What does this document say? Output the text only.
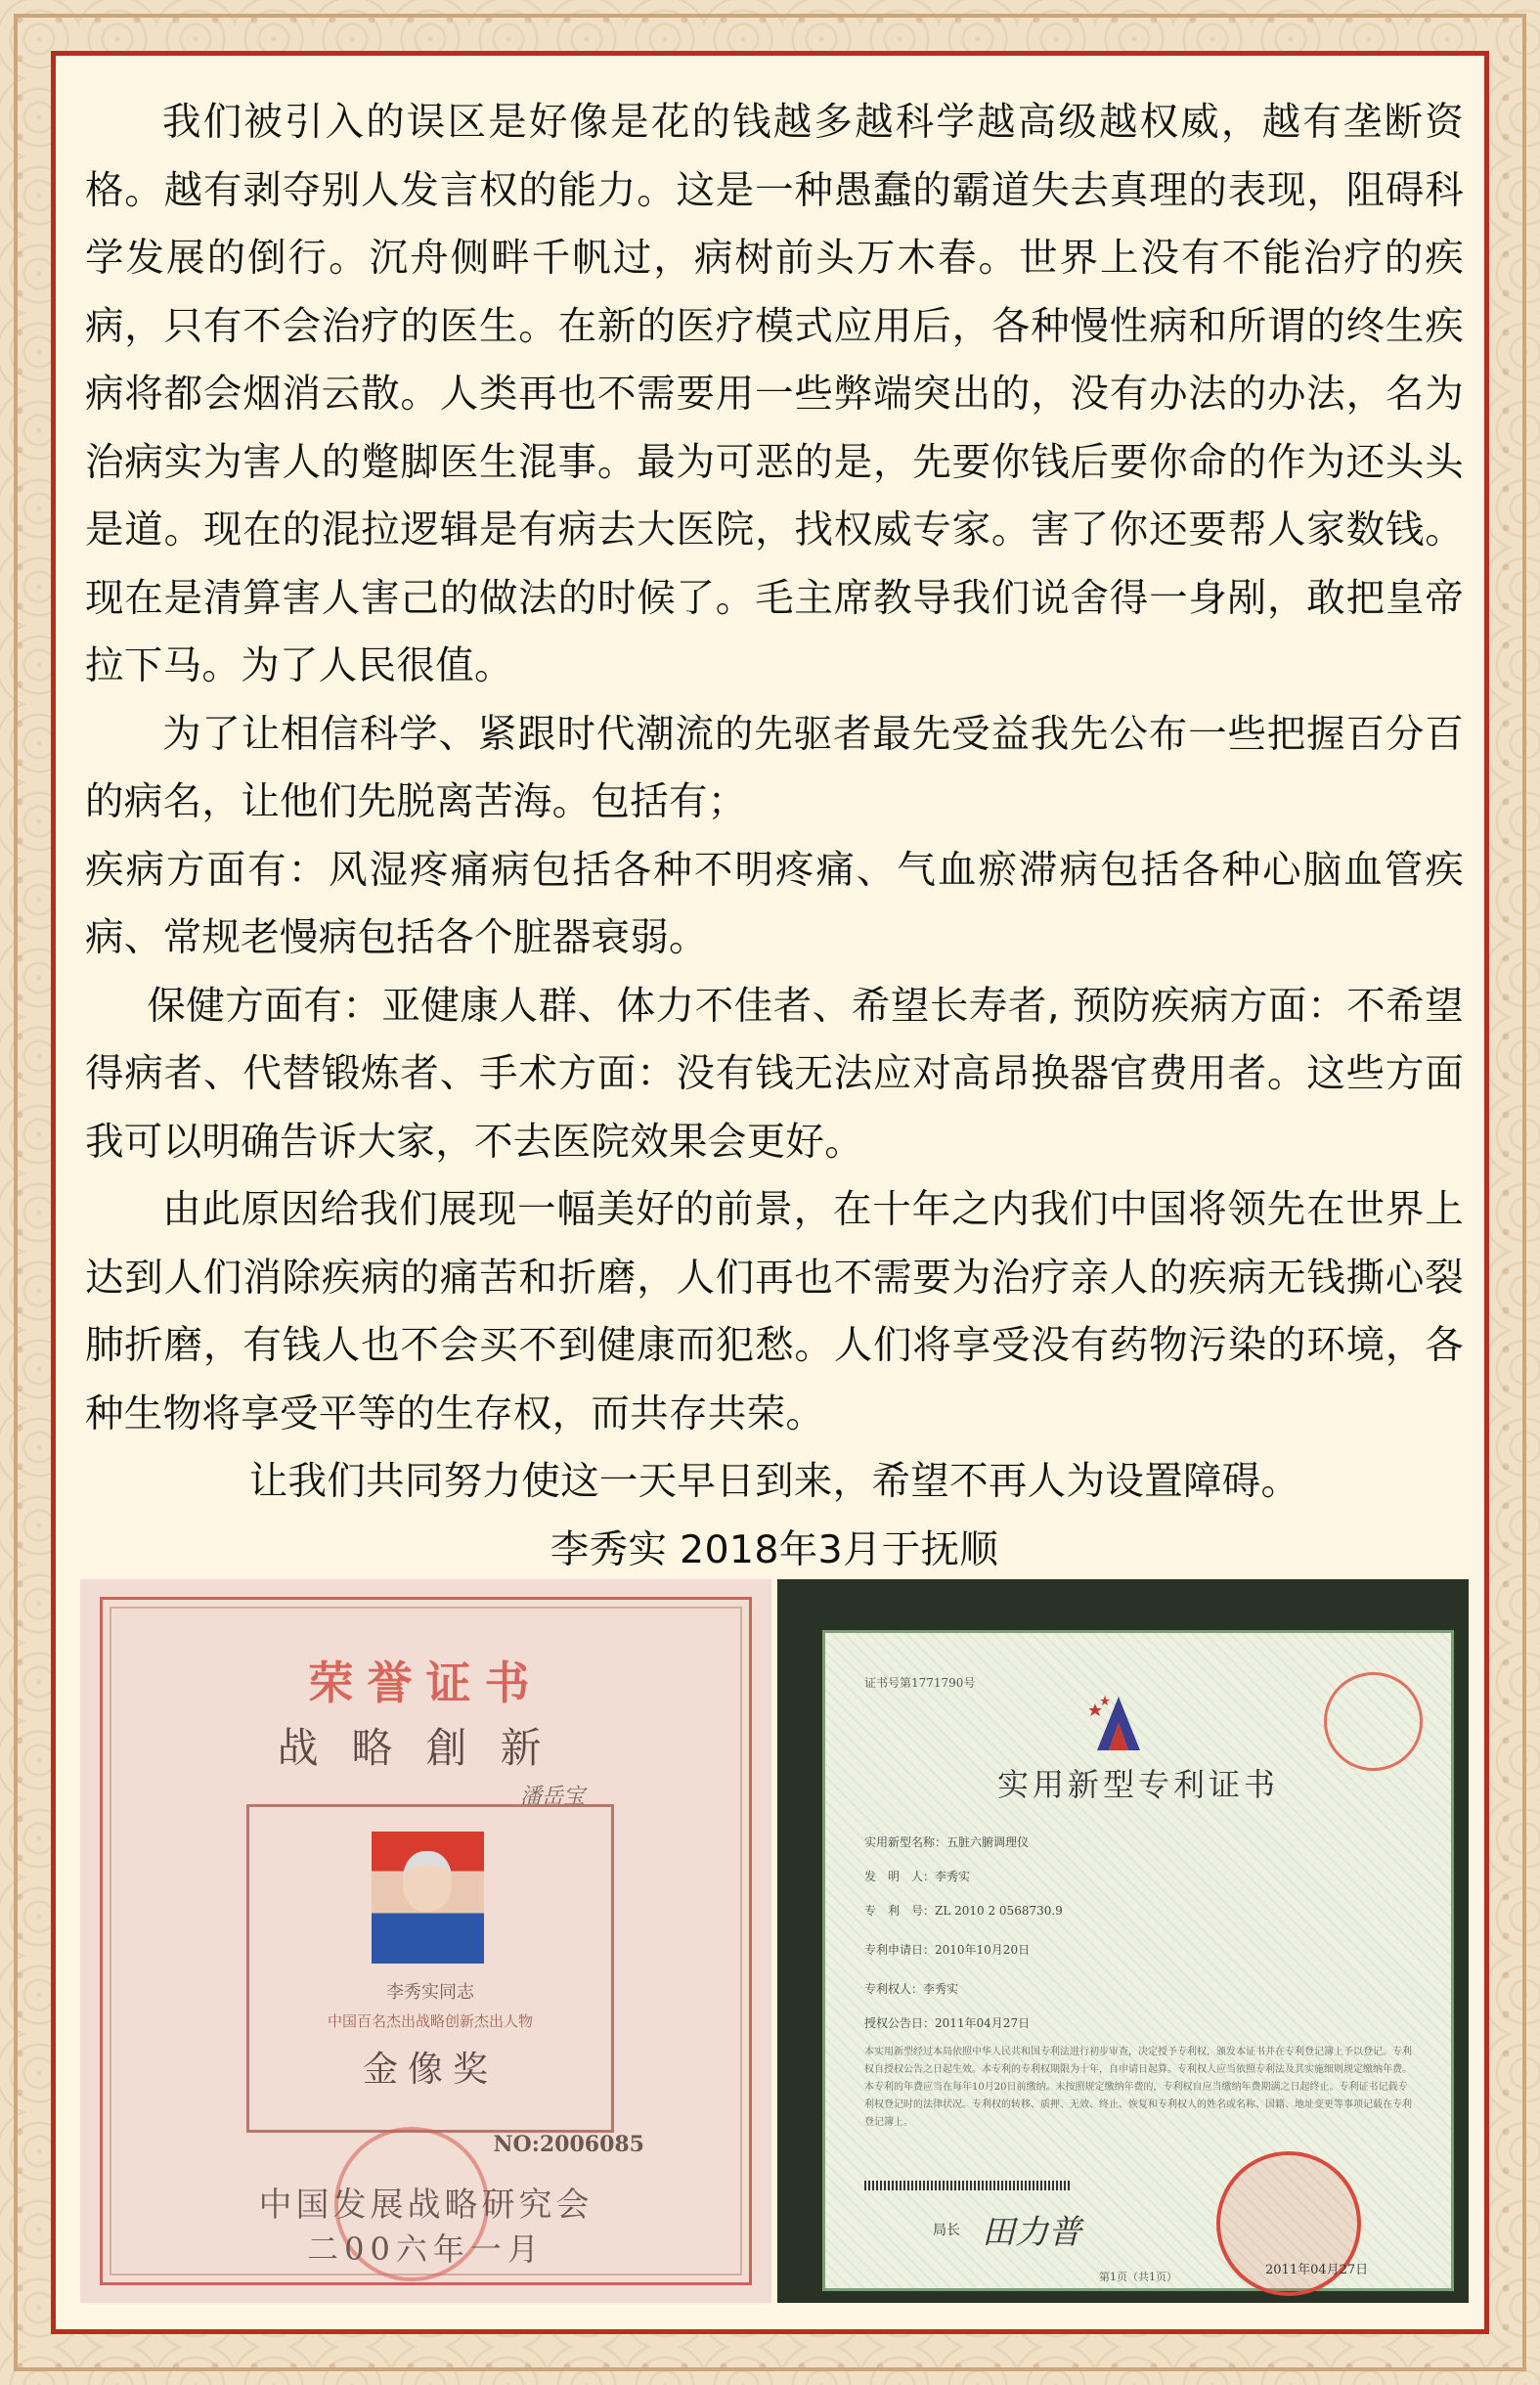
我们被引入的误区是好像是花的钱越多越科学越高级越权威，越有垄断资格。越有剥夺别人发言权的能力。这是一种愚蠢的霸道失去真理的表现，阻碍科学发展的倒行。沉舟侧畔千帆过，病树前头万木春。世界上没有不能治疗的疾病，只有不会治疗的医生。在新的医疗模式应用后，各种慢性病和所谓的终生疾病将都会烟消云散。人类再也不需要用一些弊端突出的，没有办法的办法，名为治病实为害人的蹩脚医生混事。最为可恶的是，先要你钱后要你命的作为还头头是道。现在的混拉逻辑是有病去大医院，找权威专家。害了你还要帮人家数钱。现在是清算害人害己的做法的时候了。毛主席教导我们说舍得一身剐，敢把皇帝拉下马。为了人民很值。

为了让相信科学、紧跟时代潮流的先驱者最先受益我先公布一些把握百分百的病名，让他们先脱离苦海。包括有；

疾病方面有：风湿疼痛病包括各种不明疼痛、气血瘀滞病包括各种心脑血管疾病、常规老慢病包括各个脏器衰弱。

保健方面有：亚健康人群、体力不佳者、希望长寿者, 预防疾病方面：不希望得病者、代替锻炼者、手术方面：没有钱无法应对高昂换器官费用者。这些方面我可以明确告诉大家，不去医院效果会更好。

由此原因给我们展现一幅美好的前景，在十年之内我们中国将领先在世界上达到人们消除疾病的痛苦和折磨，人们再也不需要为治疗亲人的疾病无钱撕心裂肺折磨，有钱人也不会买不到健康而犯愁。人们将享受没有药物污染的环境，各种生物将享受平等的生存权，而共存共荣。

让我们共同努力使这一天早日到来，希望不再人为设置障碍。

李秀实 2018年3月于抚顺

荣誉证书
战略創新
潘岳宝
李秀实同志
中国百名杰出战略创新杰出人物
金像奖
NO:2006085
中国发展战略研究会
二00六年一月
证书号第1771790号
实用新型专利证书
实用新型名称：五脏六腑调理仪
发　明　人：李秀实
专　利　号：ZL 2010 2 0568730.9
专利申请日：2010年10月20日
专利权人：李秀实
授权公告日：2011年04月27日
本实用新型经过本局依照中华人民共和国专利法进行初步审查，决定授予专利权，颁发本证书并在专利登记簿上予以登记。专利权自授权公告之日起生效。本专利的专利权期限为十年，自申请日起算。专利权人应当依照专利法及其实施细则规定缴纳年费。本专利的年费应当在每年10月20日前缴纳。未按照规定缴纳年费的，专利权自应当缴纳年费期满之日起终止。专利证书记载专利权登记时的法律状况。专利权的转移、质押、无效、终止、恢复和专利权人的姓名或名称、国籍、地址变更等事项记载在专利登记簿上。
局长 田力普
2011年04月27日
第1页（共1页）
